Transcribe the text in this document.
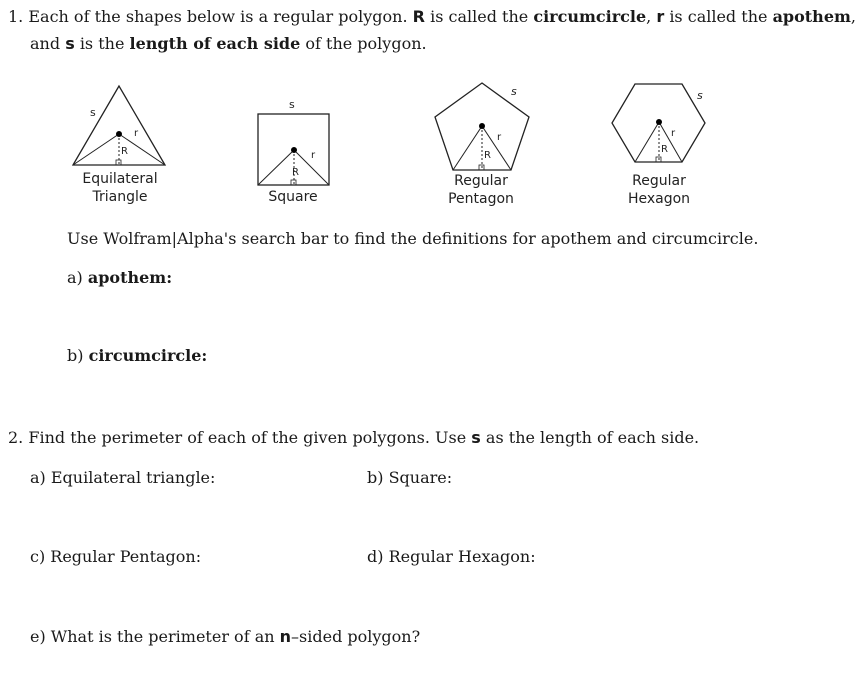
1. Each of the shapes below is a regular polygon. R is called the circumcircle, r is called the apothem,
and s is the length of each side of the polygon.
s
r
R
s
r
R
s
r
R
s
r
R
Equilateral
Triangle	Square
Regular
Pentagon
Regular
Hexagon
Use Wolfram|Alpha's search bar to find the definitions for apothem and circumcircle.
a) apothem:
b) circumcircle:
2. Find the perimeter of each of the given polygons. Use s as the length of each side.
a) Equilateral triangle:	b) Square:
c) Regular Pentagon:	d) Regular Hexagon:
e) What is the perimeter of an n–sided polygon?
